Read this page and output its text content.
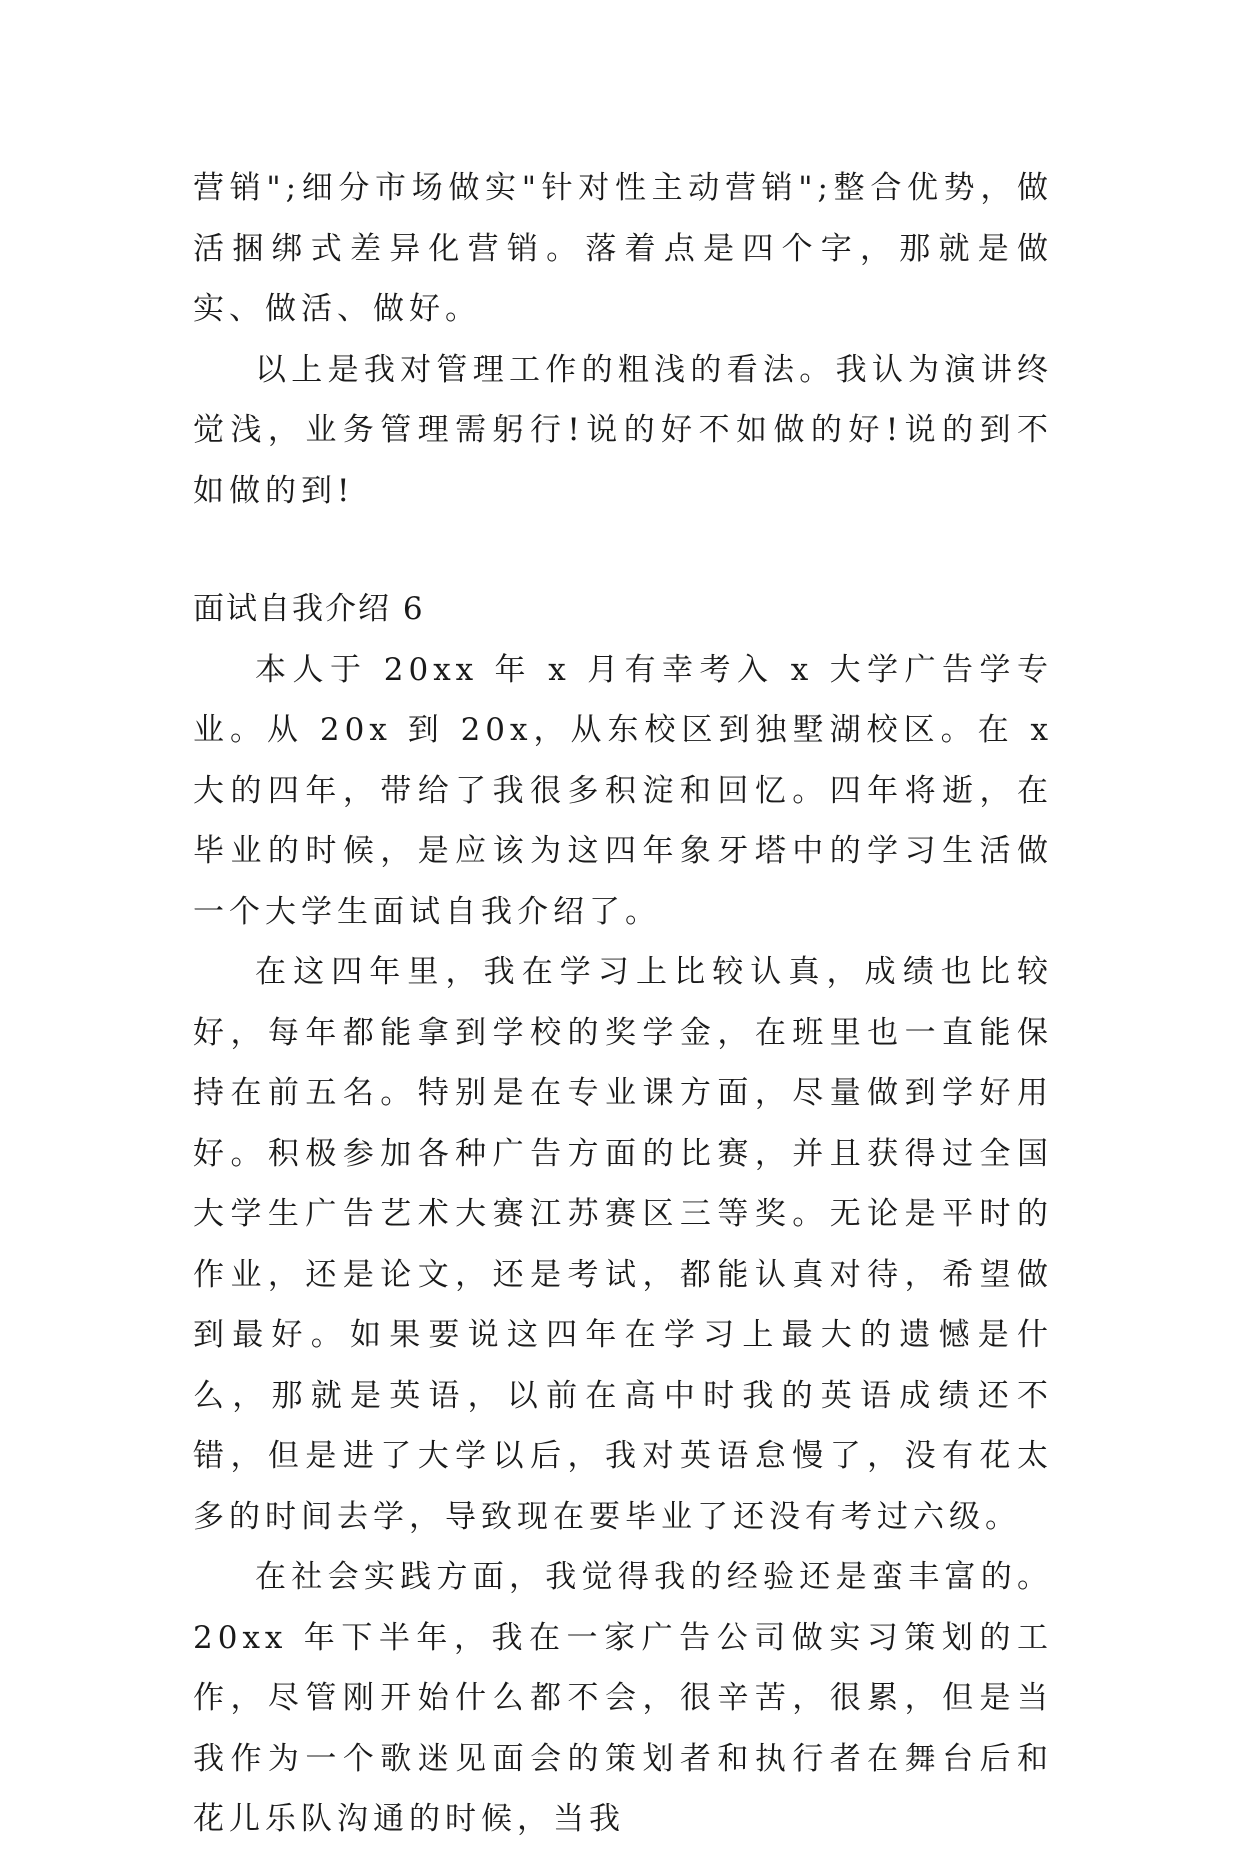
营销";细分市场做实"针对性主动营销";整合优势，做活捆绑式差异化营销。落着点是四个字，那就是做实、做活、做好。

以上是我对管理工作的粗浅的看法。我认为演讲终觉浅，业务管理需躬行!说的好不如做的好!说的到不如做的到!

面试自我介绍 6

本人于 20xx 年 x 月有幸考入 x 大学广告学专业。从 20x 到 20x，从东校区到独墅湖校区。在 x 大的四年，带给了我很多积淀和回忆。四年将逝，在毕业的时候，是应该为这四年象牙塔中的学习生活做一个大学生面试自我介绍了。

在这四年里，我在学习上比较认真，成绩也比较好，每年都能拿到学校的奖学金，在班里也一直能保持在前五名。特别是在专业课方面，尽量做到学好用好。积极参加各种广告方面的比赛，并且获得过全国大学生广告艺术大赛江苏赛区三等奖。无论是平时的作业，还是论文，还是考试，都能认真对待，希望做到最好。如果要说这四年在学习上最大的遗憾是什么，那就是英语，以前在高中时我的英语成绩还不错，但是进了大学以后，我对英语怠慢了，没有花太多的时间去学，导致现在要毕业了还没有考过六级。

在社会实践方面，我觉得我的经验还是蛮丰富的。20xx 年下半年，我在一家广告公司做实习策划的工作，尽管刚开始什么都不会，很辛苦，很累，但是当我作为一个歌迷见面会的策划者和执行者在舞台后和花儿乐队沟通的时候，当我
